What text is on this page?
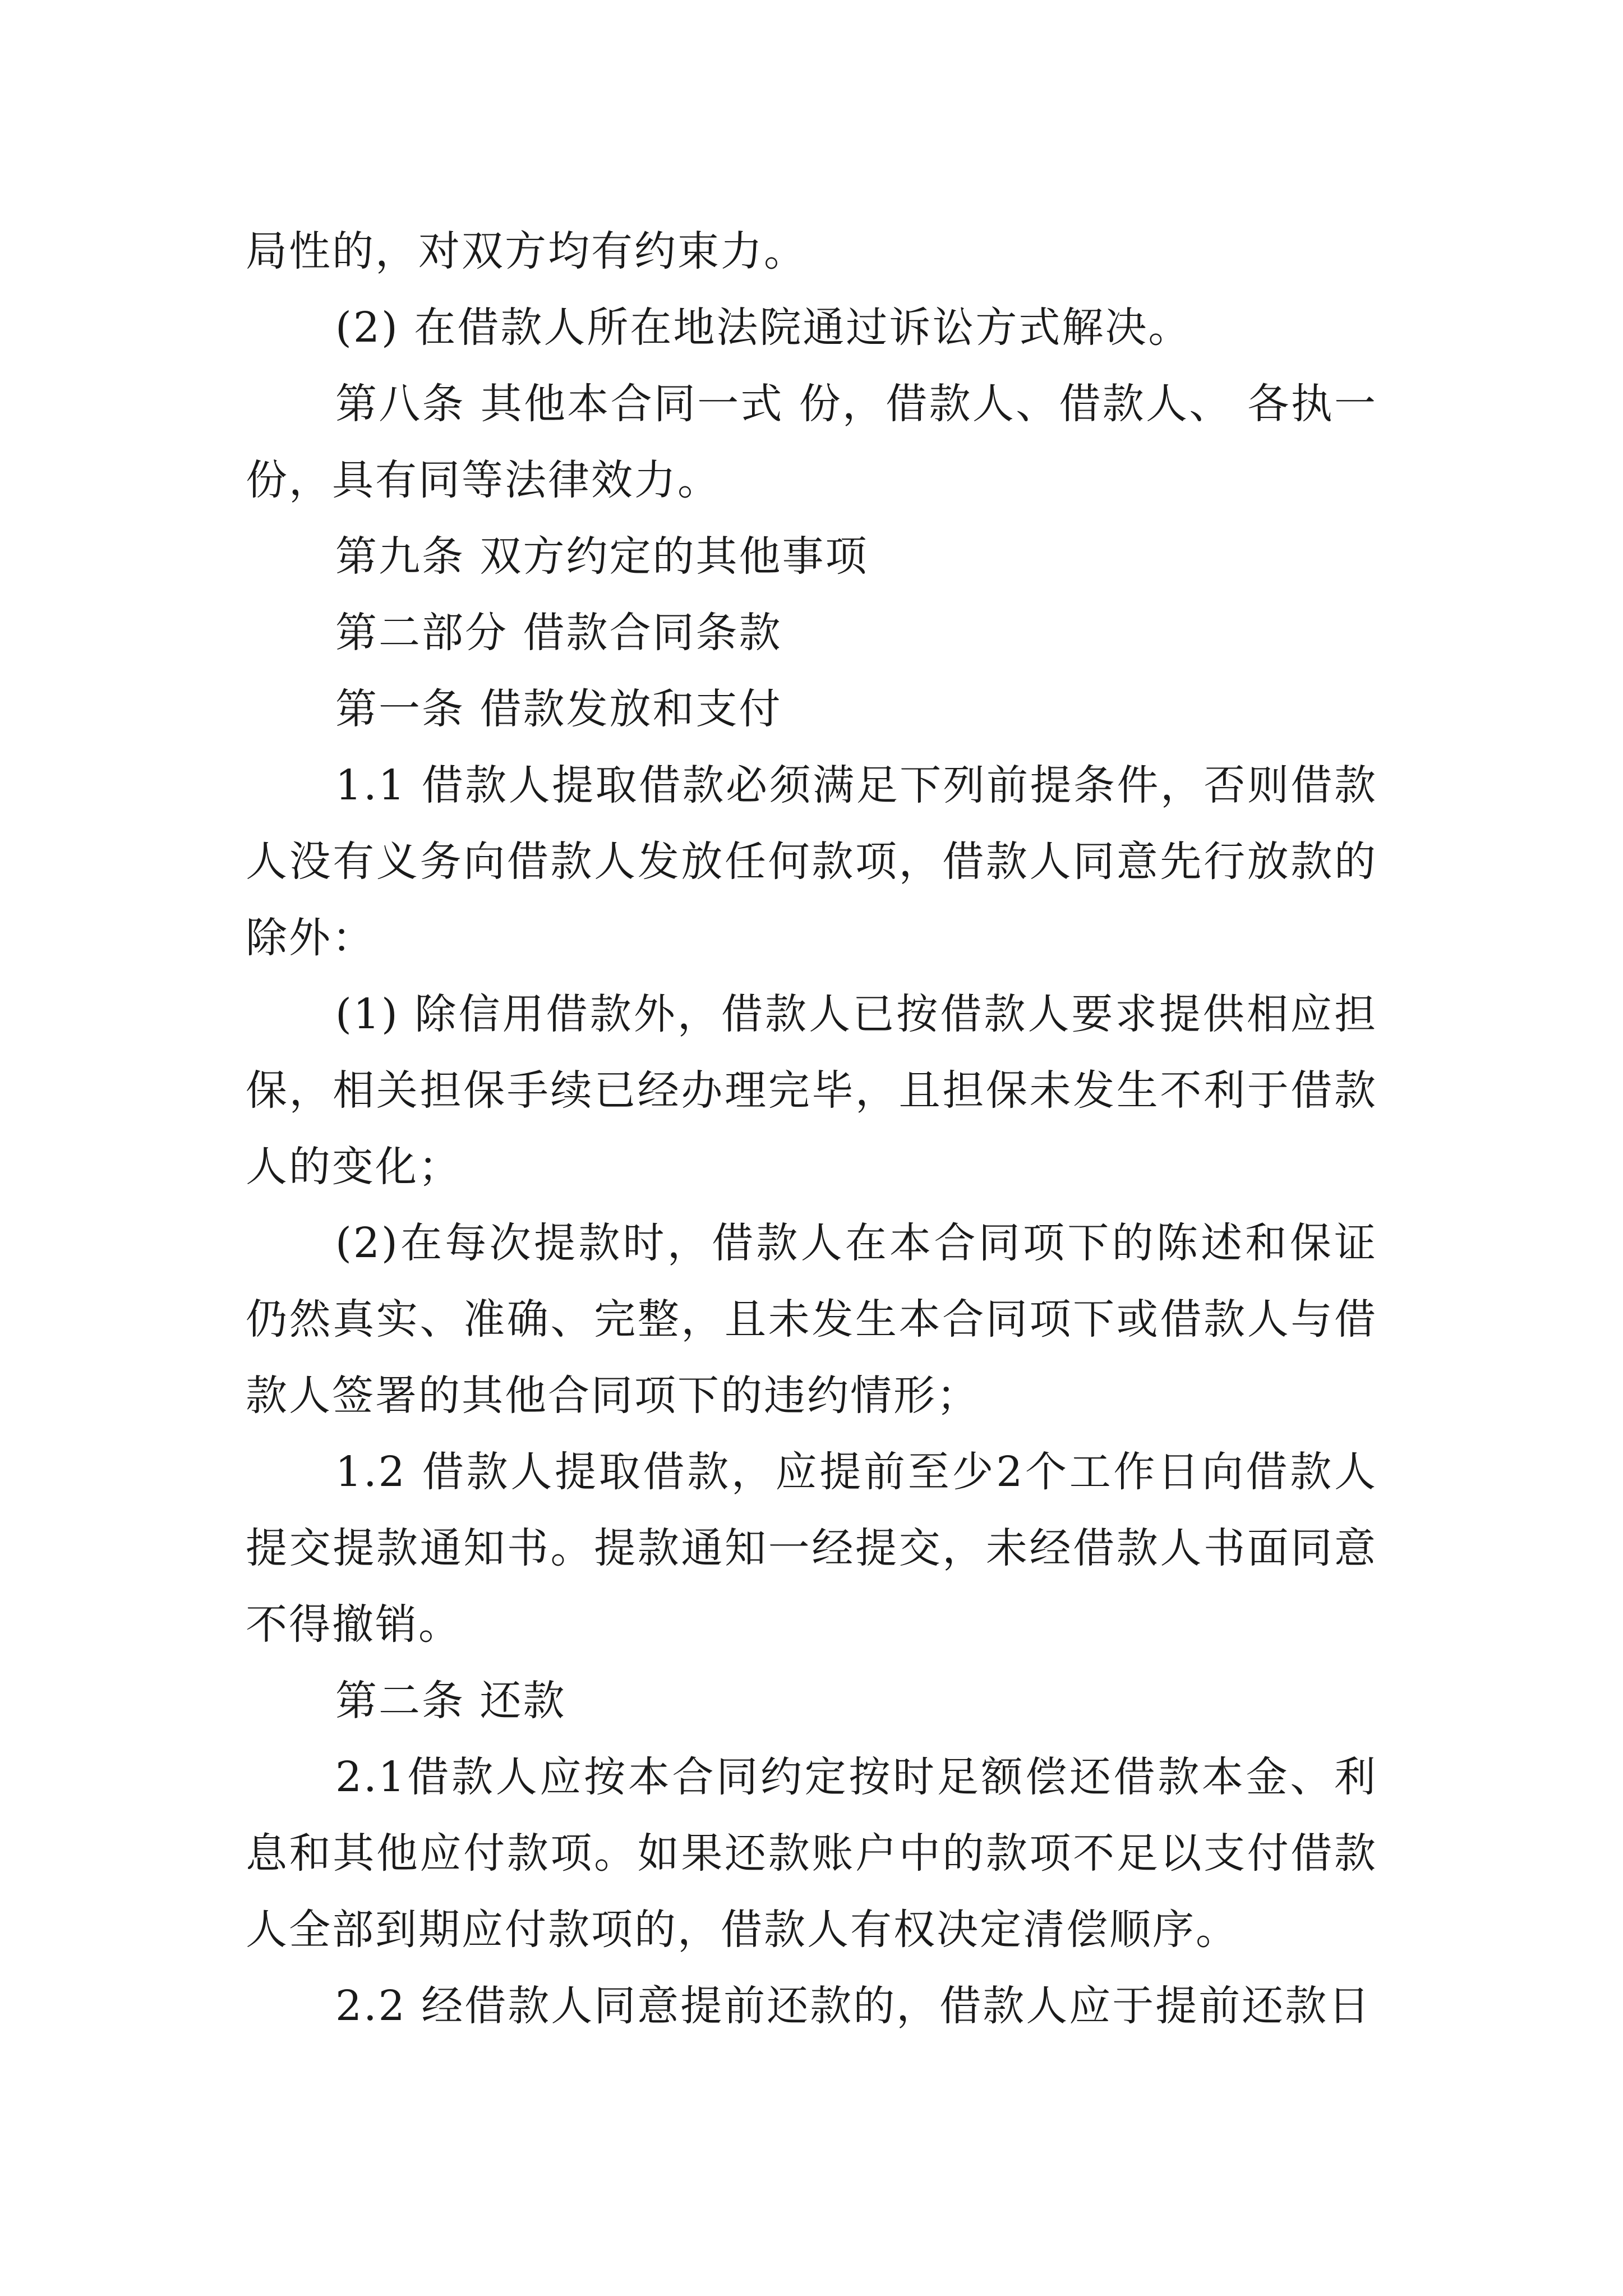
局性的，对双方均有约束力。

(2) 在借款人所在地法院通过诉讼方式解决。

第八条 其他本合同一式 份，借款人、借款人、 各执一 份，具有同等法律效力。

第九条 双方约定的其他事项

第二部分 借款合同条款

第一条 借款发放和支付

1.1 借款人提取借款必须满足下列前提条件，否则借款人没有义务向借款人发放任何款项，借款人同意先行放款的除外：

(1) 除信用借款外，借款人已按借款人要求提供相应担保，相关担保手续已经办理完毕，且担保未发生不利于借款人的变化；

(2)在每次提款时，借款人在本合同项下的陈述和保证仍然真实、准确、完整，且未发生本合同项下或借款人与借款人签署的其他合同项下的违约情形；

1.2 借款人提取借款，应提前至少2个工作日向借款人提交提款通知书。提款通知一经提交，未经借款人书面同意不得撤销。

第二条 还款

2.1借款人应按本合同约定按时足额偿还借款本金、利息和其他应付款项。如果还款账户中的款项不足以支付借款人全部到期应付款项的，借款人有权决定清偿顺序。

2.2 经借款人同意提前还款的，借款人应于提前还款日
